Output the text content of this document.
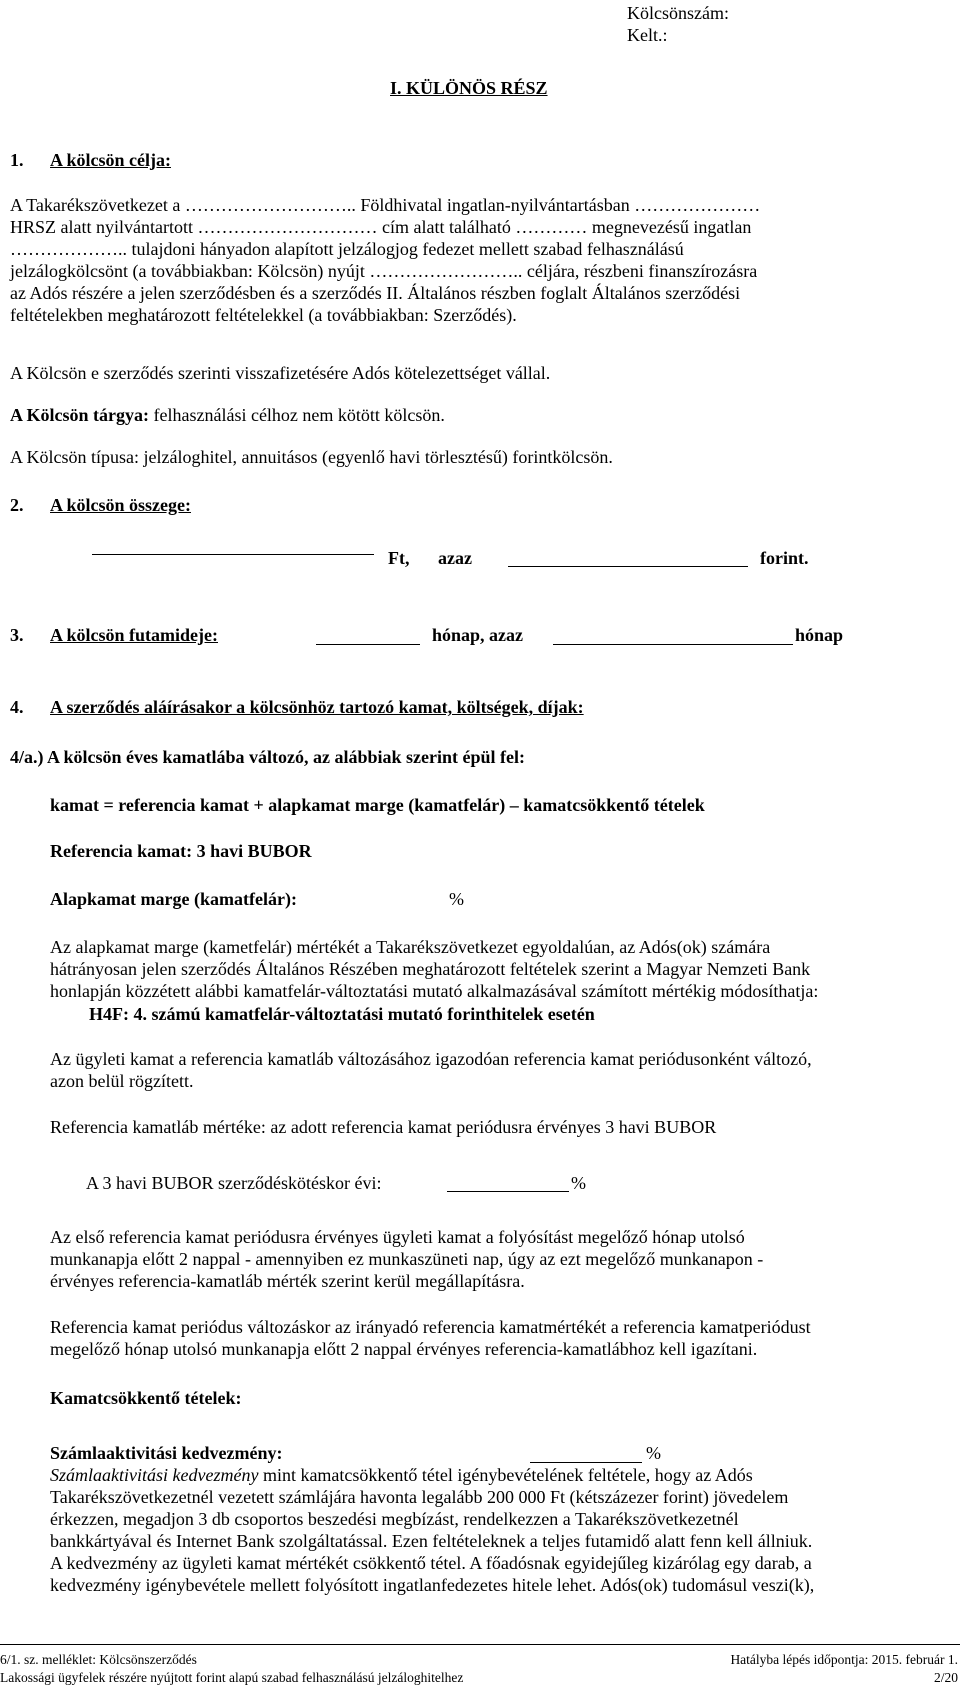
Kölcsönszám:
Kelt.:
I. KÜLÖNÖS RÉSZ
1. A kölcsön célja:
A Takarékszövetkezet a ……………………….. Földhivatal ingatlan-nyilvántartásban …………………
HRSZ alatt nyilvántartott ………………………… cím alatt található ………… megnevezésű ingatlan
……………….. tulajdoni hányadon alapított jelzálogjog fedezet mellett szabad felhasználású
jelzálogkölcsönt (a továbbiakban: Kölcsön) nyújt …………………….. céljára, részbeni finanszírozásra
az Adós részére a jelen szerződésben és a szerződés II. Általános részben foglalt Általános szerződési
feltételekben meghatározott feltételekkel (a továbbiakban: Szerződés).
A Kölcsön e szerződés szerinti visszafizetésére Adós kötelezettséget vállal.
A Kölcsön tárgya: felhasználási célhoz nem kötött kölcsön.
A Kölcsön típusa: jelzáloghitel, annuitásos (egyenlő havi törlesztésű) forintkölcsön.
2. A kölcsön összege:
Ft, azaz	forint.
3. A kölcsön futamideje:	hónap, azaz	hónap
4. A szerződés aláírásakor a kölcsönhöz tartozó kamat, költségek, díjak:
4/a.) A kölcsön éves kamatlába változó, az alábbiak szerint épül fel:
kamat = referencia kamat + alapkamat marge (kamatfelár) – kamatcsökkentő tételek
Referencia kamat: 3 havi BUBOR
Alapkamat marge (kamatfelár):	%
Az alapkamat marge (kametfelár) mértékét a Takarékszövetkezet egyoldalúan, az Adós(ok) számára
hátrányosan jelen szerződés Általános Részében meghatározott feltételek szerint a Magyar Nemzeti Bank
honlapján közzétett alábbi kamatfelár-változtatási mutató alkalmazásával számított mértékig módosíthatja:
H4F: 4. számú kamatfelár-változtatási mutató forinthitelek esetén
Az ügyleti kamat a referencia kamatláb változásához igazodóan referencia kamat periódusonként változó,
azon belül rögzített.
Referencia kamatláb mértéke: az adott referencia kamat periódusra érvényes 3 havi BUBOR
A 3 havi BUBOR szerződéskötéskor évi:	%
Az első referencia kamat periódusra érvényes ügyleti kamat a folyósítást megelőző hónap utolsó
munkanapja előtt 2 nappal - amennyiben ez munkaszüneti nap, úgy az ezt megelőző munkanapon -
érvényes referencia-kamatláb mérték szerint kerül megállapításra.
Referencia kamat periódus változáskor az irányadó referencia kamatmértékét a referencia kamatperiódust
megelőző hónap utolsó munkanapja előtt 2 nappal érvényes referencia-kamatlábhoz kell igazítani.
Kamatcsökkentő tételek:
Számlaaktivitási kedvezmény:	%
Számlaaktivitási kedvezmény mint kamatcsökkentő tétel igénybevételének feltétele, hogy az Adós
Takarékszövetkezetnél vezetett számlájára havonta legalább 200 000 Ft (kétszázezer forint) jövedelem
érkezzen, megadjon 3 db csoportos beszedési megbízást, rendelkezzen a Takarékszövetkezetnél
bankkártyával és Internet Bank szolgáltatással. Ezen feltételeknek a teljes futamidő alatt fenn kell állniuk.
A kedvezmény az ügyleti kamat mértékét csökkentő tétel. A főadósnak egyidejűleg kizárólag egy darab, a
kedvezmény igénybevétele mellett folyósított ingatlanfedezetes hitele lehet. Adós(ok) tudomásul veszi(k),
6/1. sz. melléklet: Kölcsönszerződés	Hatályba lépés időpontja: 2015. február 1.
Lakossági ügyfelek részére nyújtott forint alapú szabad felhasználású jelzáloghitelhez	2/20
